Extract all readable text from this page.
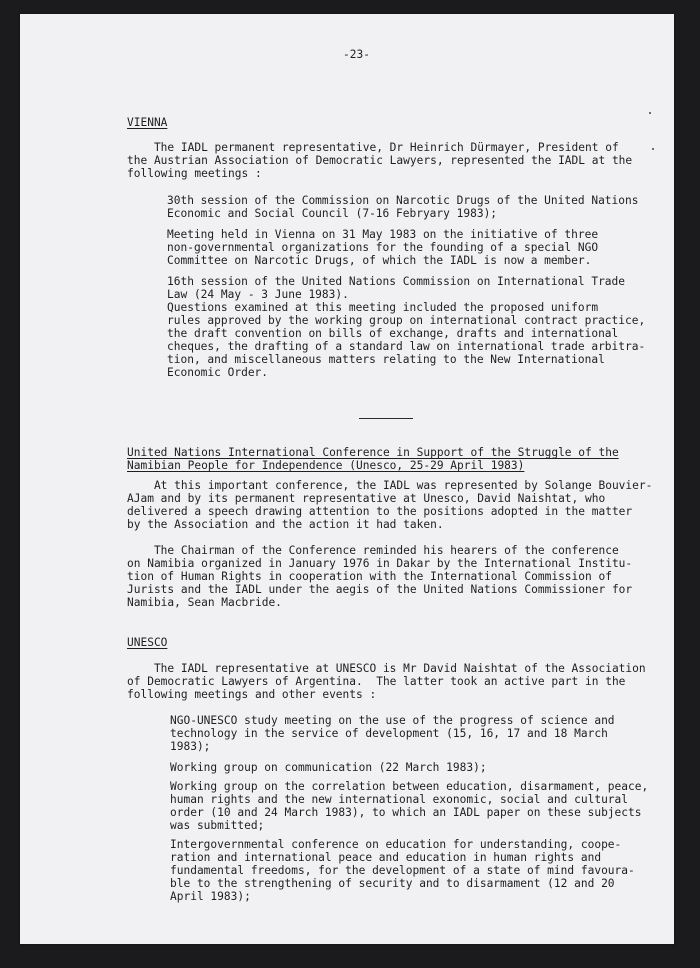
-23-

VIENNA

The IADL permanent representative, Dr Heinrich Dürmayer, President of

the Austrian Association of Democratic Lawyers, represented the IADL at the

following meetings :

30th session of the Commission on Narcotic Drugs of the United Nations

Economic and Social Council (7-16 Febryary 1983);

Meeting held in Vienna on 31 May 1983 on the initiative of three

non-governmental organizations for the founding of a special NGO

Committee on Narcotic Drugs, of which the IADL is now a member.

16th session of the United Nations Commission on International Trade

Law (24 May - 3 June 1983).

Questions examined at this meeting included the proposed uniform

rules approved by the working group on international contract practice,

the draft convention on bills of exchange, drafts and international

cheques, the drafting of a standard law on international trade arbitra-

tion, and miscellaneous matters relating to the New International

Economic Order.

United Nations International Conference in Support of the Struggle of the

Namibian People for Independence (Unesco, 25-29 April 1983)

At this important conference, the IADL was represented by Solange Bouvier-

AJam and by its permanent representative at Unesco, David Naishtat, who

delivered a speech drawing attention to the positions adopted in the matter

by the Association and the action it had taken.

The Chairman of the Conference reminded his hearers of the conference

on Namibia organized in January 1976 in Dakar by the International Institu-

tion of Human Rights in cooperation with the International Commission of

Jurists and the IADL under the aegis of the United Nations Commissioner for

Namibia, Sean Macbride.

UNESCO

The IADL representative at UNESCO is Mr David Naishtat of the Association

of Democratic Lawyers of Argentina.  The latter took an active part in the

following meetings and other events :

NGO-UNESCO study meeting on the use of the progress of science and

technology in the service of development (15, 16, 17 and 18 March

1983);

Working group on communication (22 March 1983);

Working group on the correlation between education, disarmament, peace,

human rights and the new international exonomic, social and cultural

order (10 and 24 March 1983), to which an IADL paper on these subjects

was submitted;

Intergovernmental conference on education for understanding, coope-

ration and international peace and education in human rights and

fundamental freedoms, for the development of a state of mind favoura-

ble to the strengthening of security and to disarmament (12 and 20

April 1983);
